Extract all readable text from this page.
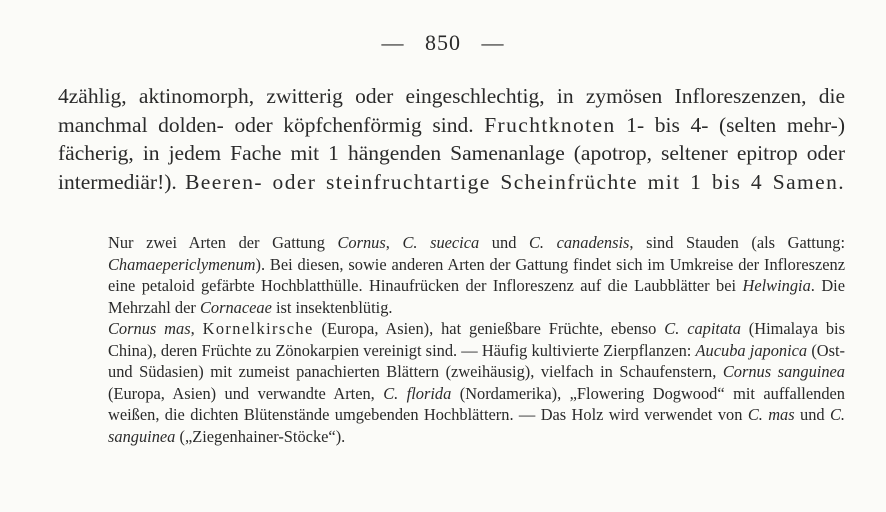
— 850 —
4zählig, aktinomorph, zwitterig oder eingeschlechtig, in zymösen Infloreszenzen, die manchmal dolden- oder köpfchenförmig sind. Fruchtknoten 1- bis 4- (selten mehr-) fächerig, in jedem Fache mit 1 hängenden Samenanlage (apotrop, seltener epitrop oder intermediär!). Beeren- oder steinfruchtartige Scheinfrüchte mit 1 bis 4 Samen.
Nur zwei Arten der Gattung Cornus, C. suecica und C. canadensis, sind Stauden (als Gattung: Chamaepericlymenum). Bei diesen, sowie anderen Arten der Gattung findet sich im Umkreise der Infloreszenz eine petaloid gefärbte Hochblatthülle. Hinaufrücken der Infloreszenz auf die Laubblätter bei Helwingia. Die Mehrzahl der Cornaceae ist insektenblütig.
Cornus mas, Kornelkirsche (Europa, Asien), hat genießbare Früchte, ebenso C. capitata (Himalaya bis China), deren Früchte zu Zönokarpien vereinigt sind. — Häufig kultivierte Zierpflanzen: Aucuba japonica (Ost- und Südasien) mit zumeist panachierten Blättern (zweihäusig), vielfach in Schaufenstern, Cornus sanguinea (Europa, Asien) und verwandte Arten, C. florida (Nordamerika), „Flowering Dogwood“ mit auffallenden weißen, die dichten Blütenstände umgebenden Hochblättern. — Das Holz wird verwendet von C. mas und C. sanguinea („Ziegenhainer-Stöcke“).
